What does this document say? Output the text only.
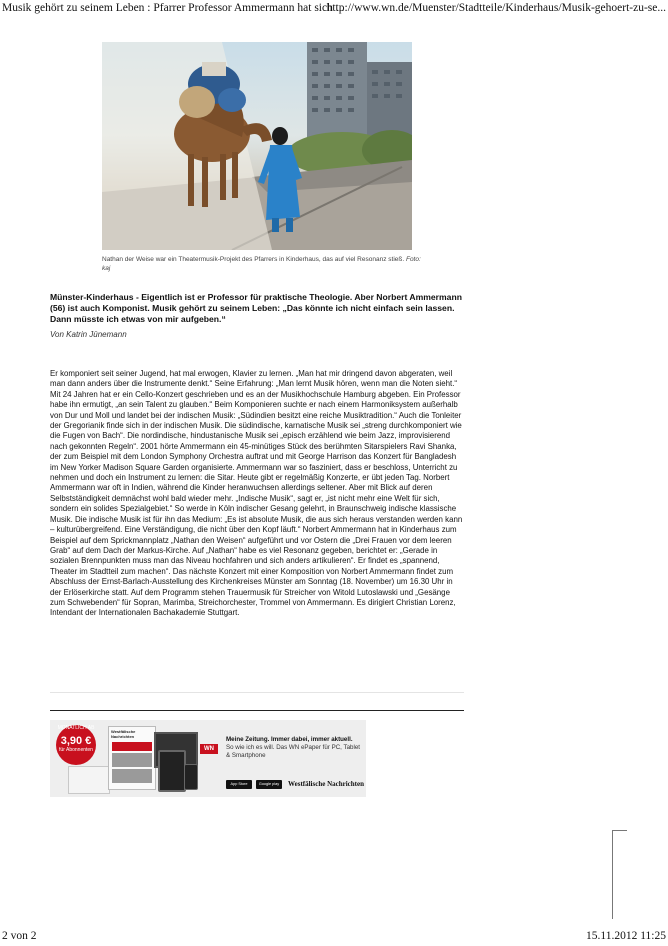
Musik gehört zu seinem Leben : Pfarrer Professor Ammermann hat sich ...
http://www.wn.de/Muenster/Stadtteile/Kinderhaus/Musik-gehoert-zu-se...
Nathan der Weise war ein Theatermusik-Projekt des Pfarrers in Kinderhaus, das auf viel Resonanz stieß. Foto: kaj
Münster-Kinderhaus - Eigentlich ist er Professor für praktische Theologie. Aber Norbert Ammermann (56) ist auch Komponist. Musik gehört zu seinem Leben: „Das könnte ich nicht einfach sein lassen. Dann müsste ich etwas von mir aufgeben.“
Von Katrin Jünemann
Er komponiert seit seiner Jugend, hat mal erwogen, Klavier zu lernen. „Man hat mir dringend davon abgeraten, weil man dann anders über die Instrumente denkt.“ Seine Erfahrung: „Man lernt Musik hören, wenn man die Noten sieht.“ Mit 24 Jahren hat er ein Cello-Konzert geschrieben und es an der Musikhochschule Hamburg abgeben. Ein Professor habe ihn ermutigt, „an sein Talent zu glauben.“ Beim Komponieren suchte er nach einem Harmoniksystem außerhalb von Dur und Moll und landet bei der indischen Musik: „Südindien besitzt eine reiche Musiktradition.“ Auch die Tonleiter der Gregorianik finde sich in der indischen Musik. Die südindische, karnatische Musik sei „streng durchkomponiert wie die Fugen von Bach“. Die nordindische, hindustanische Musik sei „episch erzählend wie beim Jazz, improvisierend nach gekonnten Regeln“. 2001 hörte Ammermann ein 45-minütiges Stück des berühmten Sitarspielers Ravi Shanka, der zum Beispiel mit dem London Symphony Orchestra auftrat und mit George Harrison das Konzert für Bangladesh im New Yorker Madison Square Garden organisierte. Ammermann war so fasziniert, dass er beschloss, Unterricht zu nehmen und doch ein Instrument zu lernen: die Sitar. Heute gibt er regelmäßig Konzerte, er übt jeden Tag. Norbert Ammermann war oft in Indien, während die Kinder heranwuchsen allerdings seltener. Aber mit Blick auf deren Selbstständigkeit demnächst wohl bald wieder mehr. „Indische Musik“, sagt er, „ist nicht mehr eine Welt für sich, sondern ein solides Spezialgebiet.“ So werde in Köln indischer Gesang gelehrt, in Braunschweig indische klassische Musik. Die indische Musik ist für ihn das Medium: „Es ist absolute Musik, die aus sich heraus verstanden werden kann – kulturübergreifend. Eine Verständigung, die nicht über den Kopf läuft.“ Norbert Ammermann hat in Kinderhaus zum Beispiel auf dem Sprickmannplatz „Nathan den Weisen“ aufgeführt und vor Ostern die „Drei Frauen vor dem leeren Grab“ auf dem Dach der Markus-Kirche. Auf „Nathan“ habe es viel Resonanz gegeben, berichtet er: „Gerade in sozialen Brennpunkten muss man das Niveau hochfahren und sich anders artikulieren“. Er findet es „spannend, Theater im Stadtteil zum machen“. Das nächste Konzert mit einer Komposition von Norbert Ammermann findet zum Abschluss der Ernst-Barlach-Ausstellung des Kirchenkreises Münster am Sonntag (18. November) um 16.30 Uhr in der Erlöserkirche statt. Auf dem Programm stehen Trauermusik für Streicher von Witold Lutoslawski und „Gesänge zum Schwebenden“ für Sopran, Marimba, Streichorchester, Trommel von Ammermann. Es dirigiert Christian Lorenz, Intendant der Internationalen Bachakademie Stuttgart.
MONATLICH AB
3,90 €
für Abonnenten
Westfälische Nachrichten
WN
Meine Zeitung. Immer dabei, immer aktuell.
So wie ich es will. Das WN ePaper für PC, Tablet & Smartphone
App Store	Google play	Westfälische Nachrichten
2 von 2	15.11.2012 11:25
